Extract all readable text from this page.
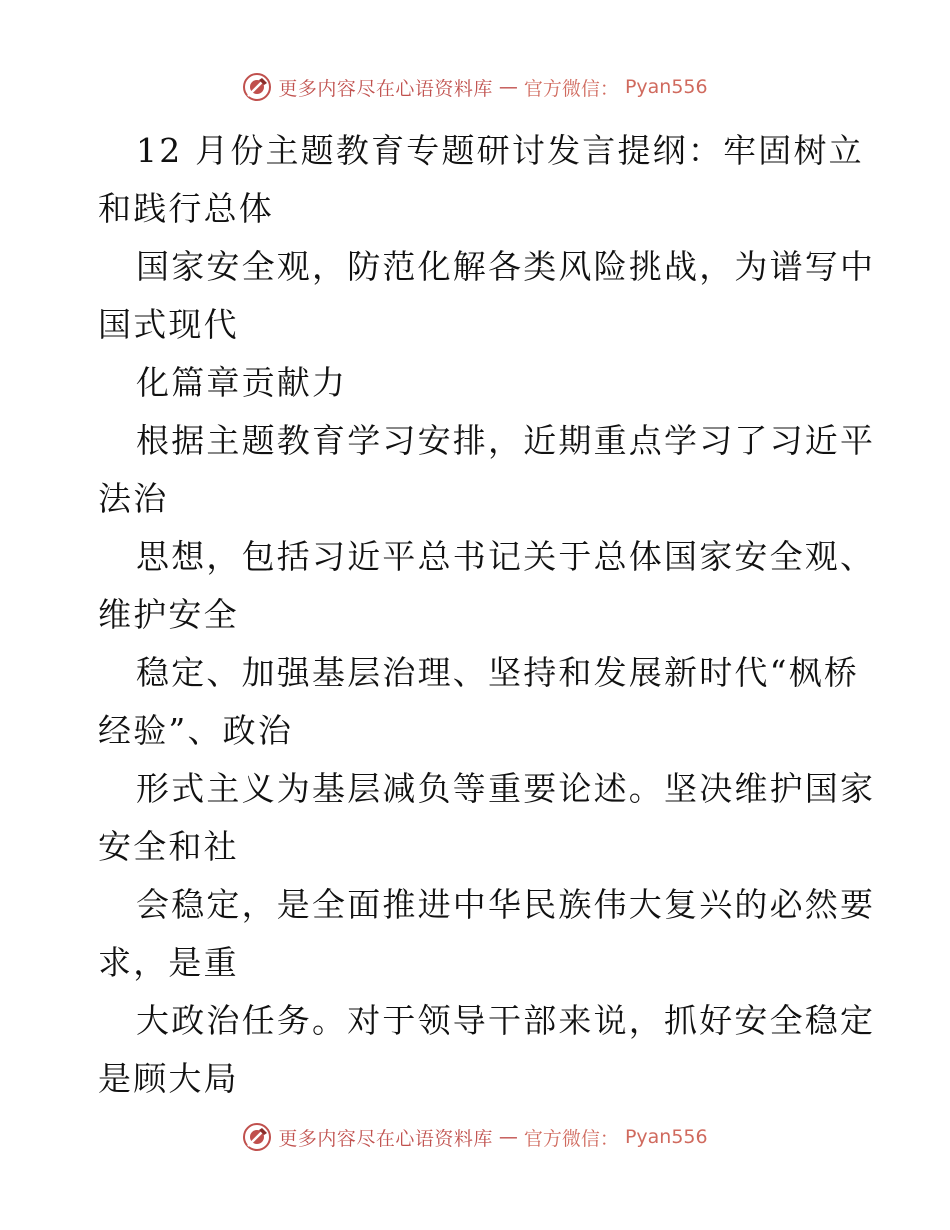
更多内容尽在心语资料库 — 官方微信： Pyan556
12 月份主题教育专题研讨发言提纲：牢固树立
和践行总体
国家安全观，防范化解各类风险挑战，为谱写中
国式现代
化篇章贡献力
根据主题教育学习安排，近期重点学习了习近平
法治
思想，包括习近平总书记关于总体国家安全观、
维护安全
稳定、加强基层治理、坚持和发展新时代“枫桥
经验”、政治
形式主义为基层减负等重要论述。坚决维护国家
安全和社
会稳定，是全面推进中华民族伟大复兴的必然要
求，是重
大政治任务。对于领导干部来说，抓好安全稳定
是顾大局
更多内容尽在心语资料库 — 官方微信： Pyan556
